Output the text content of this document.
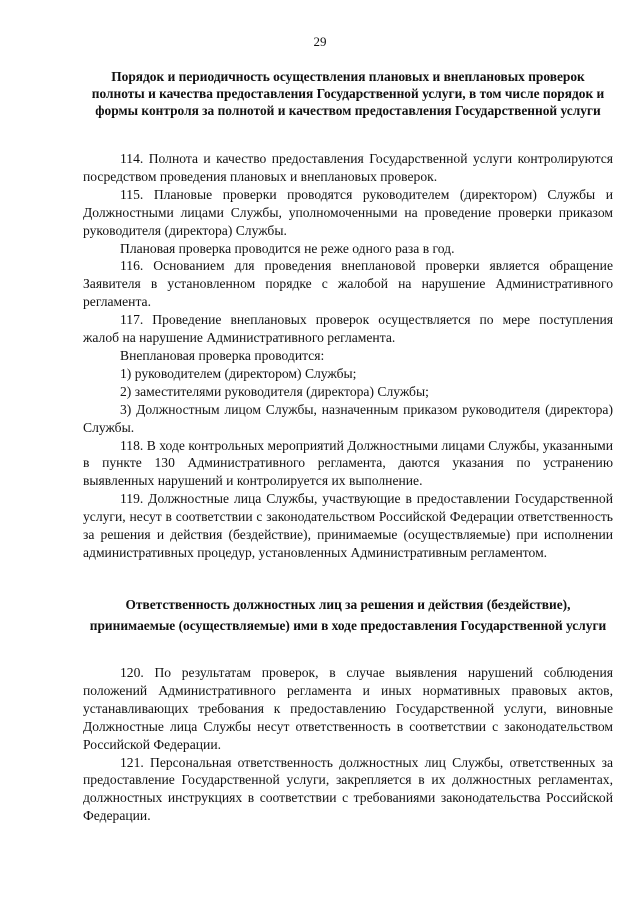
29
Порядок и периодичность осуществления плановых и внеплановых проверок полноты и качества предоставления Государственной услуги, в том числе порядок и формы контроля за полнотой и качеством предоставления Государственной услуги

114. Полнота и качество предоставления Государственной услуги контролируются посредством проведения плановых и внеплановых проверок.

115. Плановые проверки проводятся руководителем (директором) Службы и Должностными лицами Службы, уполномоченными на проведение проверки приказом руководителя (директора) Службы.

Плановая проверка проводится не реже одного раза в год.

116. Основанием для проведения внеплановой проверки является обращение Заявителя в установленном порядке с жалобой на нарушение Административного регламента.

117. Проведение внеплановых проверок осуществляется по мере поступления жалоб на нарушение Административного регламента.

Внеплановая проверка проводится:

1) руководителем (директором) Службы;

2) заместителями руководителя (директора) Службы;

3) Должностным лицом Службы, назначенным приказом руководителя (директора) Службы.

118. В ходе контрольных мероприятий Должностными лицами Службы, указанными в пункте 130 Административного регламента, даются указания по устранению выявленных нарушений и контролируется их выполнение.

119. Должностные лица Службы, участвующие в предоставлении Государственной услуги, несут в соответствии с законодательством Российской Федерации ответственность за решения и действия (бездействие), принимаемые (осуществляемые) при исполнении административных процедур, установленных Административным регламентом.

Ответственность должностных лиц за решения и действия (бездействие), принимаемые (осуществляемые) ими в ходе предоставления Государственной услуги

120. По результатам проверок, в случае выявления нарушений соблюдения положений Административного регламента и иных нормативных правовых актов, устанавливающих требования к предоставлению Государственной услуги, виновные Должностные лица Службы несут ответственность в соответствии с законодательством Российской Федерации.

121. Персональная ответственность должностных лиц Службы, ответственных за предоставление Государственной услуги, закрепляется в их должностных регламентах, должностных инструкциях в соответствии с требованиями законодательства Российской Федерации.
